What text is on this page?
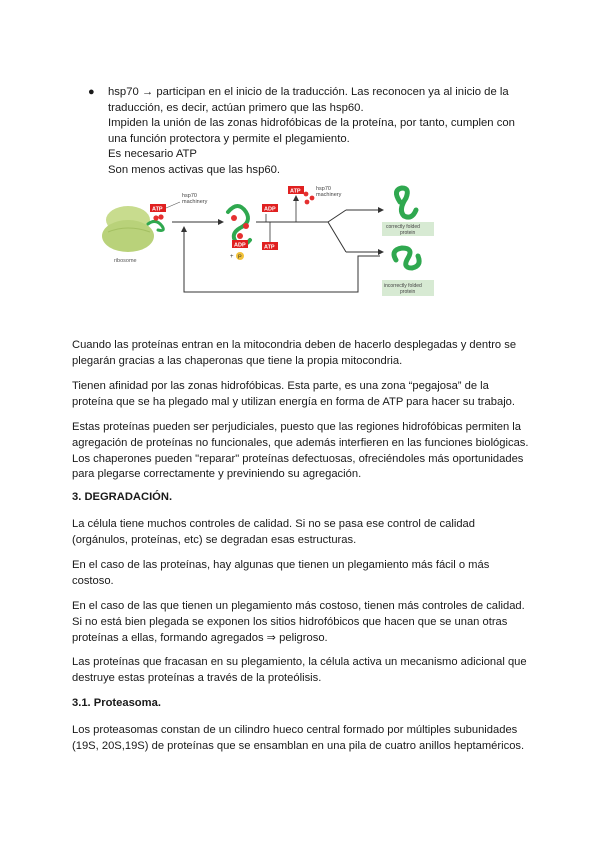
● hsp70 → participan en el inicio de la traducción. Las reconocen ya al inicio de la
traducción, es decir, actúan primero que las hsp60.
Impiden la unión de las zonas hidrofóbicas de la proteína, por tanto, cumplen con
una función protectora y permite el plegamiento.
Es necesario ATP
Son menos activas que las hsp60.
ribosome
ATP
hsp70
machinery
ADP
+ P
ADP
ATP
ATP	hsp70
machinery
correctly folded
protein
incorrectly folded
protein
Cuando las proteínas entran en la mitocondria deben de hacerlo desplegadas y dentro se
plegarán gracias a las chaperonas que tiene la propia mitocondria.
Tienen afinidad por las zonas hidrofóbicas. Esta parte, es una zona “pegajosa” de la
proteína que se ha plegado mal y utilizan energía en forma de ATP para hacer su trabajo.
Estas proteínas pueden ser perjudiciales, puesto que las regiones hidrofóbicas permiten la
agregación de proteínas no funcionales, que además interfieren en las funciones biológicas.
Los chaperones pueden "reparar" proteínas defectuosas, ofreciéndoles más oportunidades
para plegarse correctamente y previniendo su agregación.
3. DEGRADACIÓN.
La célula tiene muchos controles de calidad. Si no se pasa ese control de calidad
(orgánulos, proteínas, etc) se degradan esas estructuras.
En el caso de las proteínas, hay algunas que tienen un plegamiento más fácil o más
costoso.
En el caso de las que tienen un plegamiento más costoso, tienen más controles de calidad.
Si no está bien plegada se exponen los sitios hidrofóbicos que hacen que se unan otras
proteínas a ellas, formando agregados ⇒ peligroso.
Las proteínas que fracasan en su plegamiento, la célula activa un mecanismo adicional que
destruye estas proteínas a través de la proteólisis.
3.1. Proteasoma.
Los proteasomas constan de un cilindro hueco central formado por múltiples subunidades
(19S, 20S,19S) de proteínas que se ensamblan en una pila de cuatro anillos heptaméricos.
